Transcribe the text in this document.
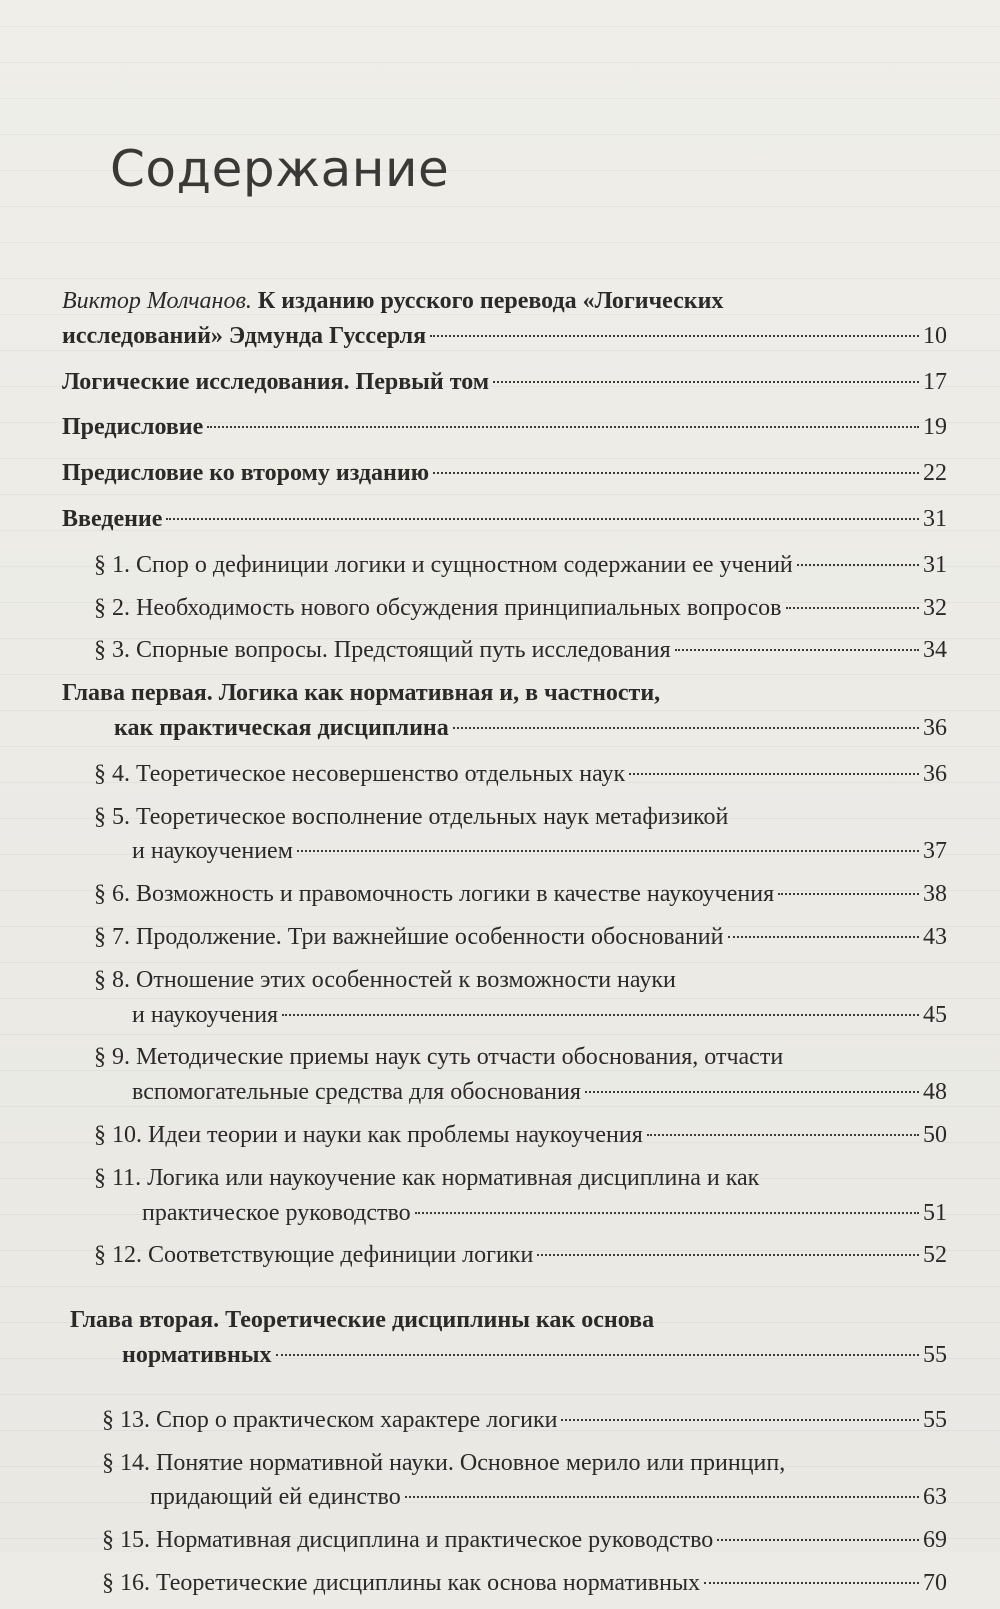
Содержание
Виктор Молчанов. К изданию русского перевода «Логических
исследований» Эдмунда Гуссерля	10
Логические исследования. Первый том	17
Предисловие	19
Предисловие ко второму изданию	22
Введение	31
§ 1. Спор о дефиниции логики и сущностном содержании ее учений	31
§ 2. Необходимость нового обсуждения принципиальных вопросов	32
§ 3. Спорные вопросы. Предстоящий путь исследования	34
Глава первая. Логика как нормативная и, в частности,
как практическая дисциплина	36
§ 4. Теоретическое несовершенство отдельных наук	36
§ 5. Теоретическое восполнение отдельных наук метафизикой
и наукоучением	37
§ 6. Возможность и правомочность логики в качестве наукоучения	38
§ 7. Продолжение. Три важнейшие особенности обоснований	43
§ 8. Отношение этих особенностей к возможности науки
и наукоучения	45
§ 9. Методические приемы наук суть отчасти обоснования, отчасти
вспомогательные средства для обоснования	48
§ 10. Идеи теории и науки как проблемы наукоучения	50
§ 11. Логика или наукоучение как нормативная дисциплина и как
практическое руководство	51
§ 12. Соответствующие дефиниции логики	52
Глава вторая. Теоретические дисциплины как основа
нормативных	55
§ 13. Спор о практическом характере логики	55
§ 14. Понятие нормативной науки. Основное мерило или принцип,
придающий ей единство	63
§ 15. Нормативная дисциплина и практическое руководство	69
§ 16. Теоретические дисциплины как основа нормативных	70
